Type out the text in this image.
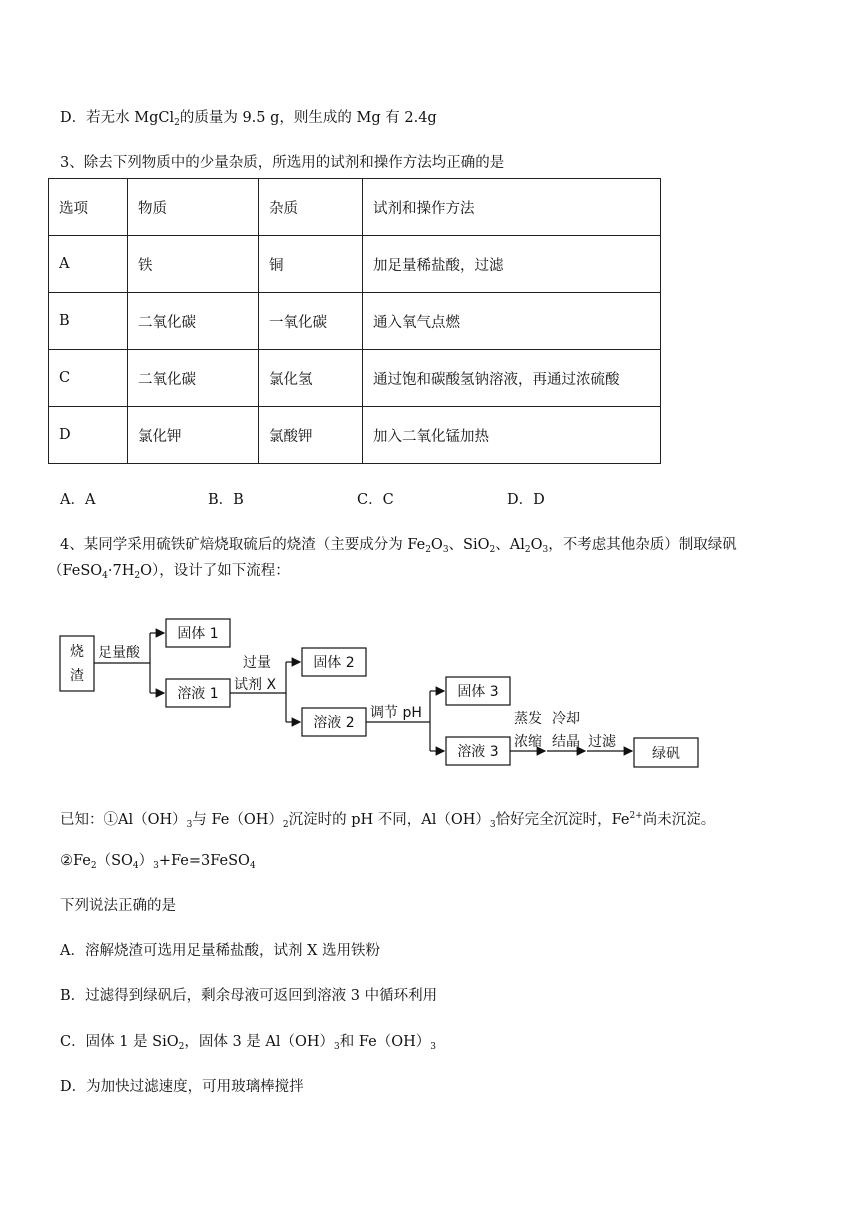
D．若无水 MgCl$_2$的质量为 9.5 g，则生成的 Mg 有 2.4g
3、除去下列物质中的少量杂质，所选用的试剂和操作方法均正确的是
选项	物质	杂质	试剂和操作方法
A	铁	铜	加足量稀盐酸，过滤
B	二氧化碳	一氧化碳	通入氧气点燃
C	二氧化碳	氯化氢	通过饱和碳酸氢钠溶液，再通过浓硫酸
D	氯化钾	氯酸钾	加入二氧化锰加热
A．A	B．B	C．C	D．D
4、某同学采用硫铁矿焙烧取硫后的烧渣（主要成分为 $Fe_2O_3$、SiO$_2$、$Al_2O_3$，不考虑其他杂质）制取绿矾
$(FeSO_4\cdot 7H_2O)$，设计了如下流程：
烧
渣
足量酸
固体 1
溶液 1
过量
试剂 X
固体 2
溶液 2
调节 pH
固体 3
溶液 3
蒸发
浓缩
冷却
结晶 过滤
绿矾
已知：$①Al(OH)_3$与 $Fe(OH)_2$沉淀时的 pH 不同，$Al(OH)_3$恰好完全沉淀时，$Fe^{2+}$尚未沉淀。
$②Fe_2(SO_4)_3+Fe=3FeSO_4$
下列说法正确的是
A．溶解烧渣可选用足量稀盐酸，试剂 X 选用铁粉
B．过滤得到绿矾后，剩余母液可返回到溶液 3 中循环利用
C．固体 1 是 SiO$_2$，固体 3 是 $Al(OH)_3$和 $Fe(OH)_3$
D．为加快过滤速度，可用玻璃棒搅拌
